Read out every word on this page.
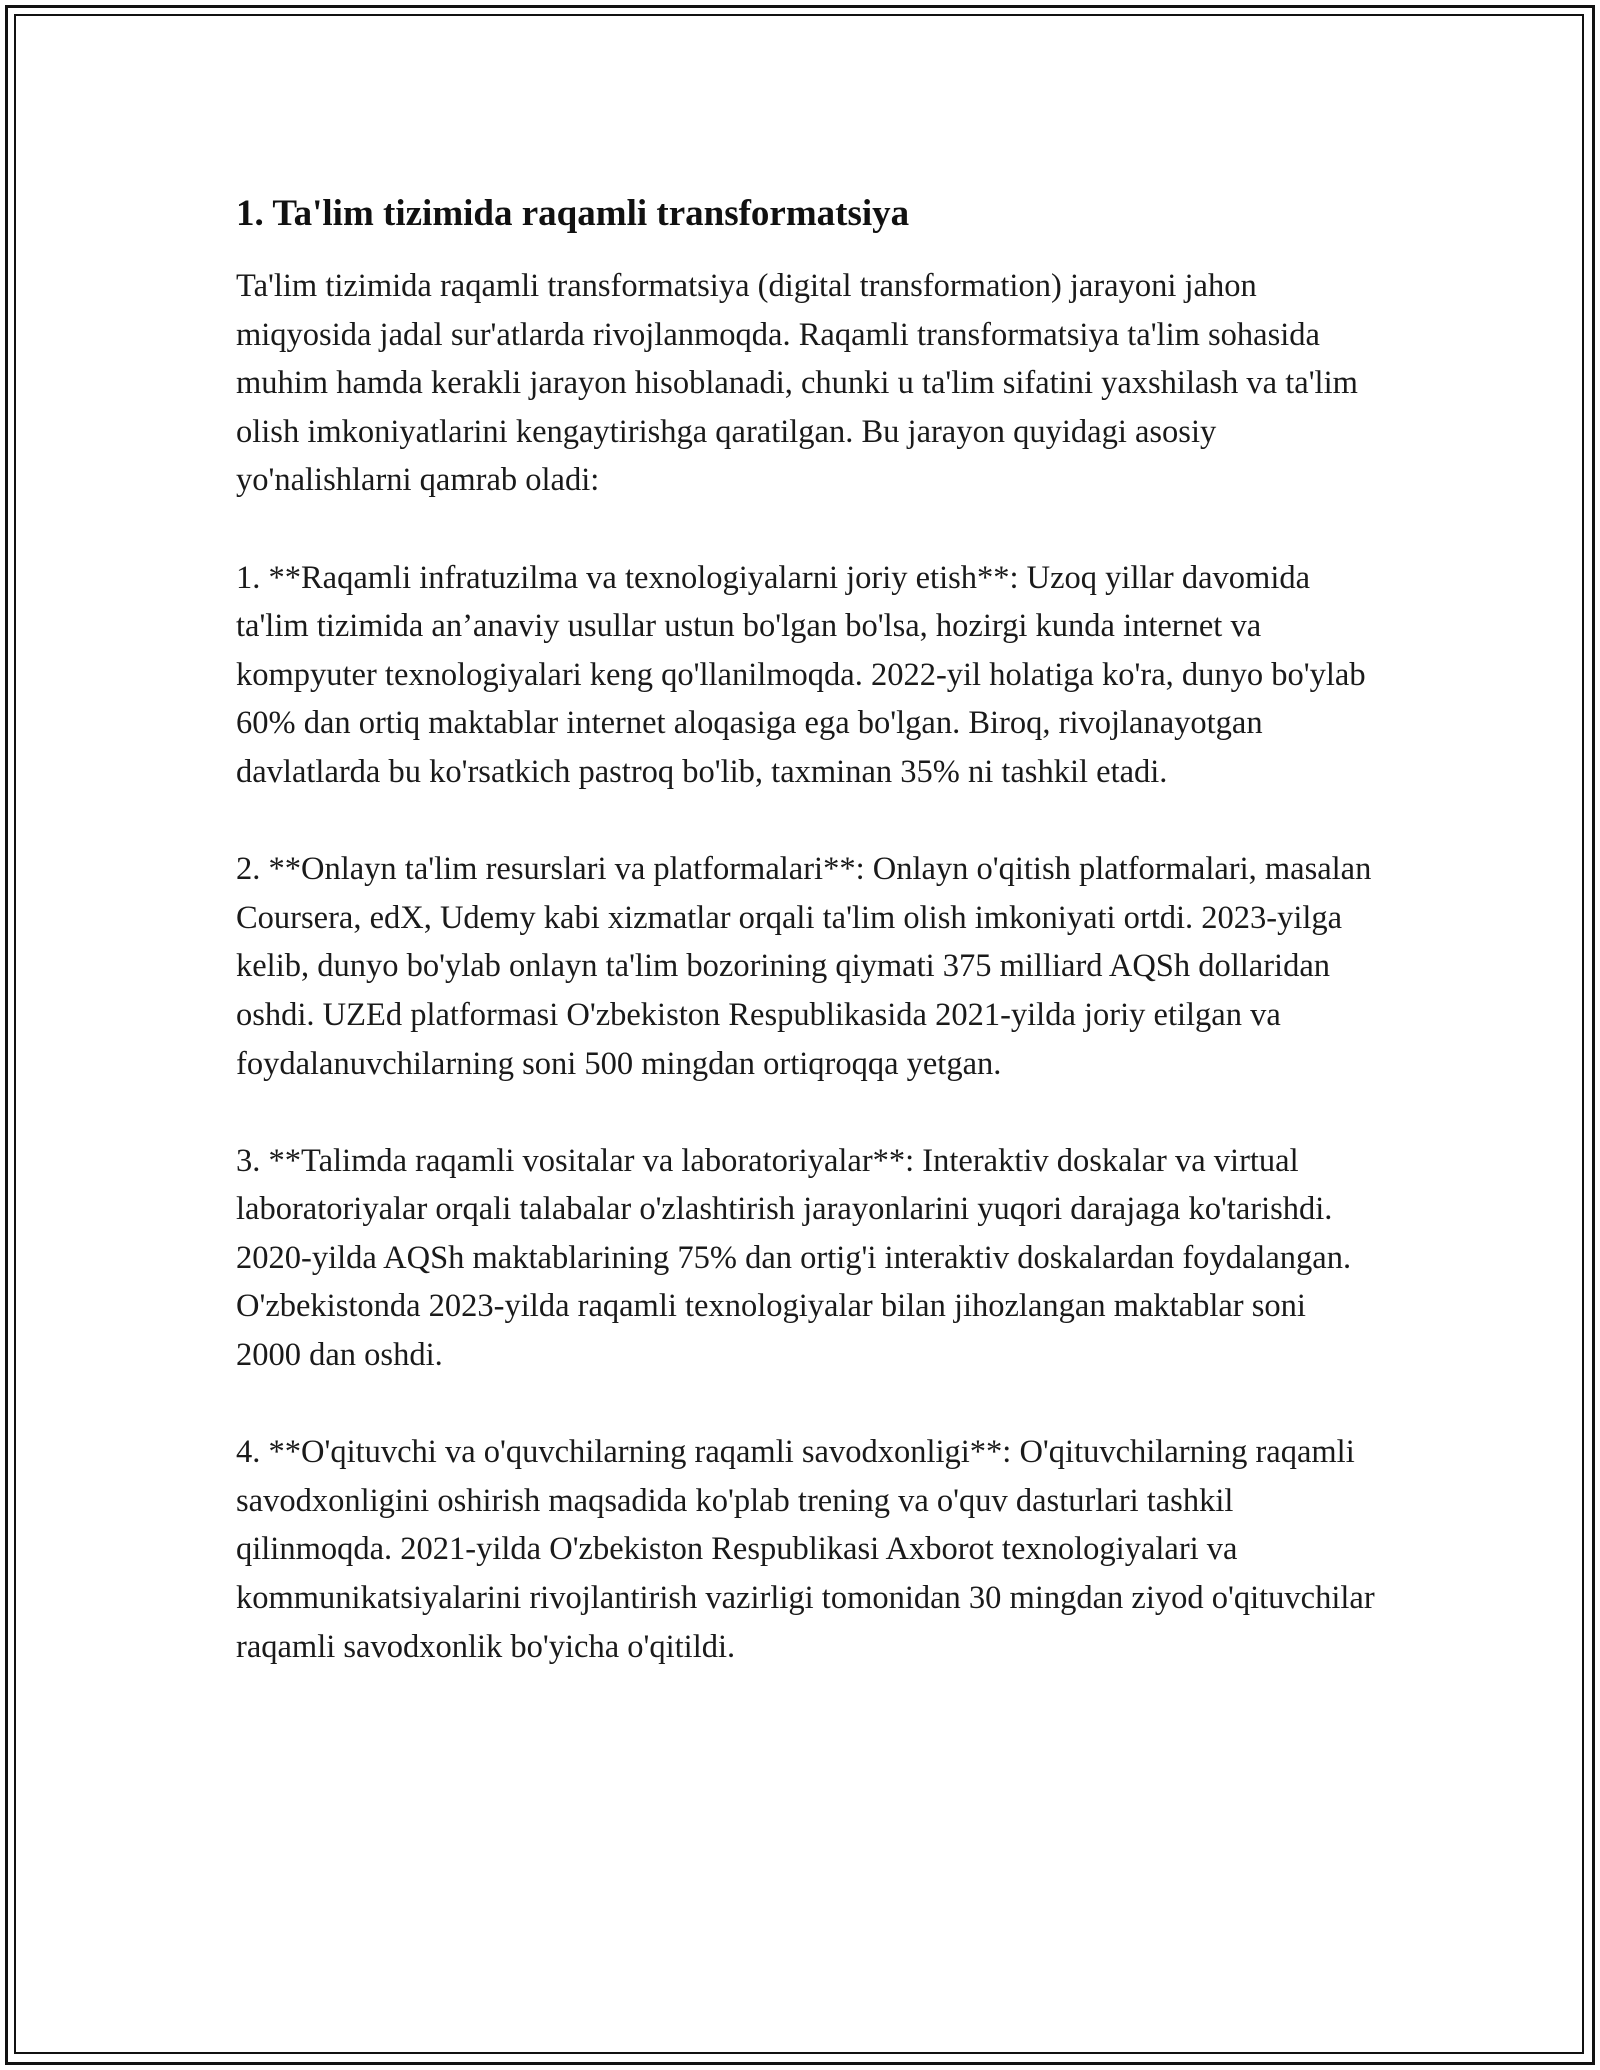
1. Ta'lim tizimida raqamli transformatsiya

Ta'lim tizimida raqamli transformatsiya (digital transformation) jarayoni jahon miqyosida jadal sur'atlarda rivojlanmoqda. Raqamli transformatsiya ta'lim sohasida muhim hamda kerakli jarayon hisoblanadi, chunki u ta'lim sifatini yaxshilash va ta'lim olish imkoniyatlarini kengaytirishga qaratilgan. Bu jarayon quyidagi asosiy yo'nalishlarni qamrab oladi:

1. **Raqamli infratuzilma va texnologiyalarni joriy etish**: Uzoq yillar davomida ta'lim tizimida an’anaviy usullar ustun bo'lgan bo'lsa, hozirgi kunda internet va kompyuter texnologiyalari keng qo'llanilmoqda. 2022-yil holatiga ko'ra, dunyo bo'ylab 60% dan ortiq maktablar internet aloqasiga ega bo'lgan. Biroq, rivojlanayotgan davlatlarda bu ko'rsatkich pastroq bo'lib, taxminan 35% ni tashkil etadi.

2. **Onlayn ta'lim resurslari va platformalari**: Onlayn o'qitish platformalari, masalan Coursera, edX, Udemy kabi xizmatlar orqali ta'lim olish imkoniyati ortdi. 2023-yilga kelib, dunyo bo'ylab onlayn ta'lim bozorining qiymati 375 milliard AQSh dollaridan oshdi. UZEd platformasi O'zbekiston Respublikasida 2021-yilda joriy etilgan va foydalanuvchilarning soni 500 mingdan ortiqroqqa yetgan.

3. **Talimda raqamli vositalar va laboratoriyalar**: Interaktiv doskalar va virtual laboratoriyalar orqali talabalar o'zlashtirish jarayonlarini yuqori darajaga ko'tarishdi. 2020-yilda AQSh maktablarining 75% dan ortig'i interaktiv doskalardan foydalangan. O'zbekistonda 2023-yilda raqamli texnologiyalar bilan jihozlangan maktablar soni 2000 dan oshdi.

4. **O'qituvchi va o'quvchilarning raqamli savodxonligi**: O'qituvchilarning raqamli savodxonligini oshirish maqsadida ko'plab trening va o'quv dasturlari tashkil qilinmoqda. 2021-yilda O'zbekiston Respublikasi Axborot texnologiyalari va kommunikatsiyalarini rivojlantirish vazirligi tomonidan 30 mingdan ziyod o'qituvchilar raqamli savodxonlik bo'yicha o'qitildi.
